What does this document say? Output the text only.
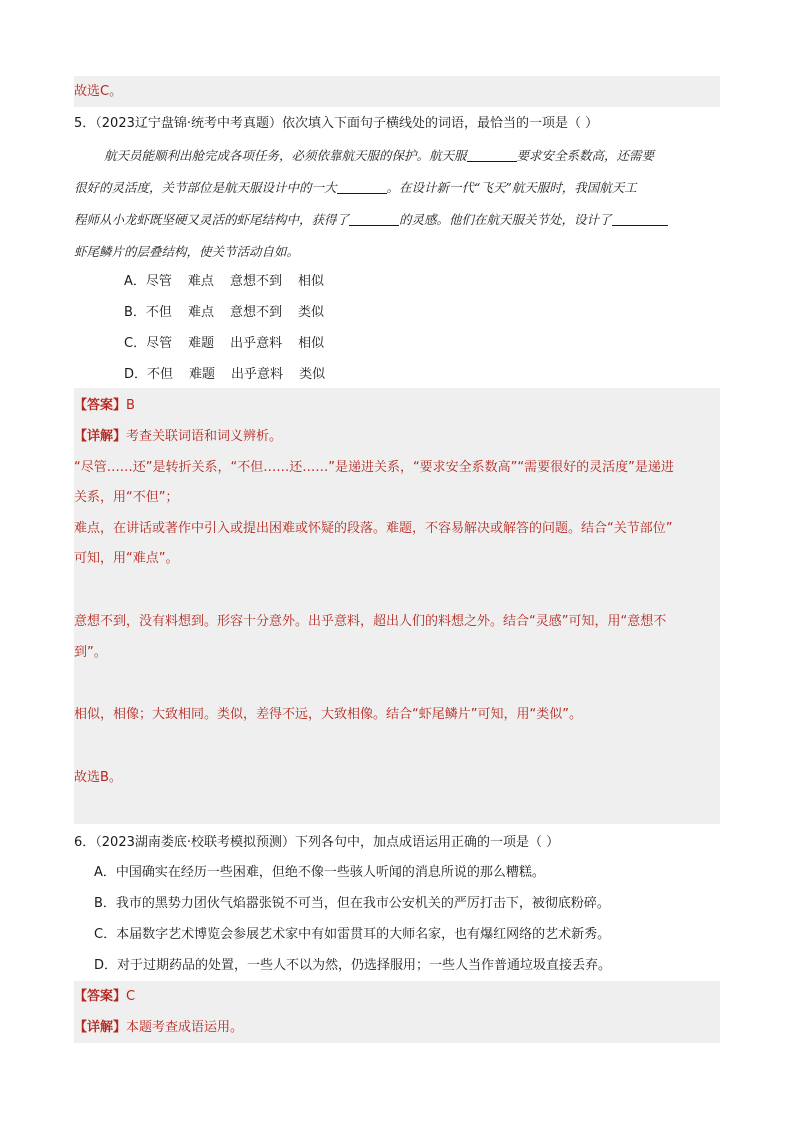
故选C。
5．（2023辽宁盘锦·统考中考真题）依次填入下面句子横线处的词语，最恰当的一项是（ ）
航天员能顺利出舱完成各项任务，必须依靠航天服的保护。航天服	要求安全系数高，还需要
很好的灵活度，关节部位是航天服设计中的一大	。在设计新一代“飞天”航天服时，我国航天工
程师从小龙虾既坚硬又灵活的虾尾结构中，获得了	的灵感。他们在航天服关节处，设计了
虾尾鳞片的层叠结构，使关节活动自如。
A．尽管 难点 意想不到 相似
B．不但 难点 意想不到 类似
C．尽管 难题 出乎意料 相似
D．不但 难题 出乎意料 类似
【答案】B
【详解】考查关联词语和词义辨析。
“尽管……还”是转折关系，“不但……还……”是递进关系，“要求安全系数高”“需要很好的灵活度”是递进
关系，用“不但”；
难点，在讲话或著作中引入或提出困难或怀疑的段落。难题，不容易解决或解答的问题。结合“关节部位”
可知，用“难点”。
意想不到，没有料想到。形容十分意外。出乎意料，超出人们的料想之外。结合“灵感”可知，用“意想不
到”。
相似，相像；大致相同。类似，差得不远，大致相像。结合“虾尾鳞片”可知，用“类似”。
故选B。
6．（2023湖南娄底·校联考模拟预测）下列各句中，加点成语运用正确的一项是（ ）
A．中国确实在经历一些困难，但绝不像一些骇人听闻的消息所说的那么糟糕。
B．我市的黑势力团伙气焰嚣张锐不可当，但在我市公安机关的严厉打击下，被彻底粉碎。
C．本届数字艺术博览会参展艺术家中有如雷贯耳的大师名家，也有爆红网络的艺术新秀。
D．对于过期药品的处置，一些人不以为然，仍选择服用；一些人当作普通垃圾直接丢弃。
【答案】C
【详解】本题考查成语运用。
